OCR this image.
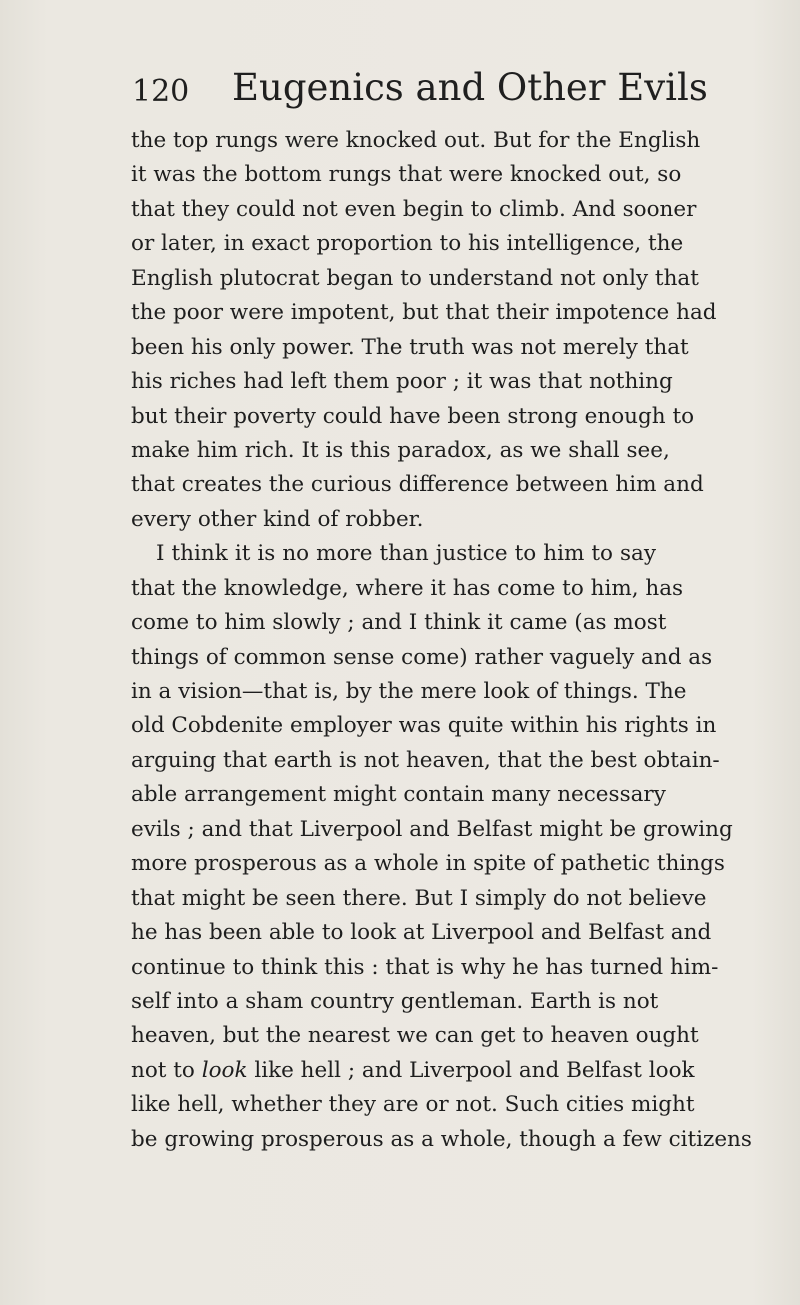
120 Eugenics and Other Evils
the top rungs were knocked out. But for the English
it was the bottom rungs that were knocked out, so
that they could not even begin to climb. And sooner
or later, in exact proportion to his intelligence, the
English plutocrat began to understand not only that
the poor were impotent, but that their impotence had
been his only power. The truth was not merely that
his riches had left them poor ; it was that nothing
but their poverty could have been strong enough to
make him rich. It is this paradox, as we shall see,
that creates the curious difference between him and
every other kind of robber.
I think it is no more than justice to him to say
that the knowledge, where it has come to him, has
come to him slowly ; and I think it came (as most
things of common sense come) rather vaguely and as
in a vision—that is, by the mere look of things. The
old Cobdenite employer was quite within his rights in
arguing that earth is not heaven, that the best obtain-
able arrangement might contain many necessary
evils ; and that Liverpool and Belfast might be growing
more prosperous as a whole in spite of pathetic things
that might be seen there. But I simply do not believe
he has been able to look at Liverpool and Belfast and
continue to think this : that is why he has turned him-
self into a sham country gentleman. Earth is not
heaven, but the nearest we can get to heaven ought
not to look like hell ; and Liverpool and Belfast look
like hell, whether they are or not. Such cities might
be growing prosperous as a whole, though a few citizens
